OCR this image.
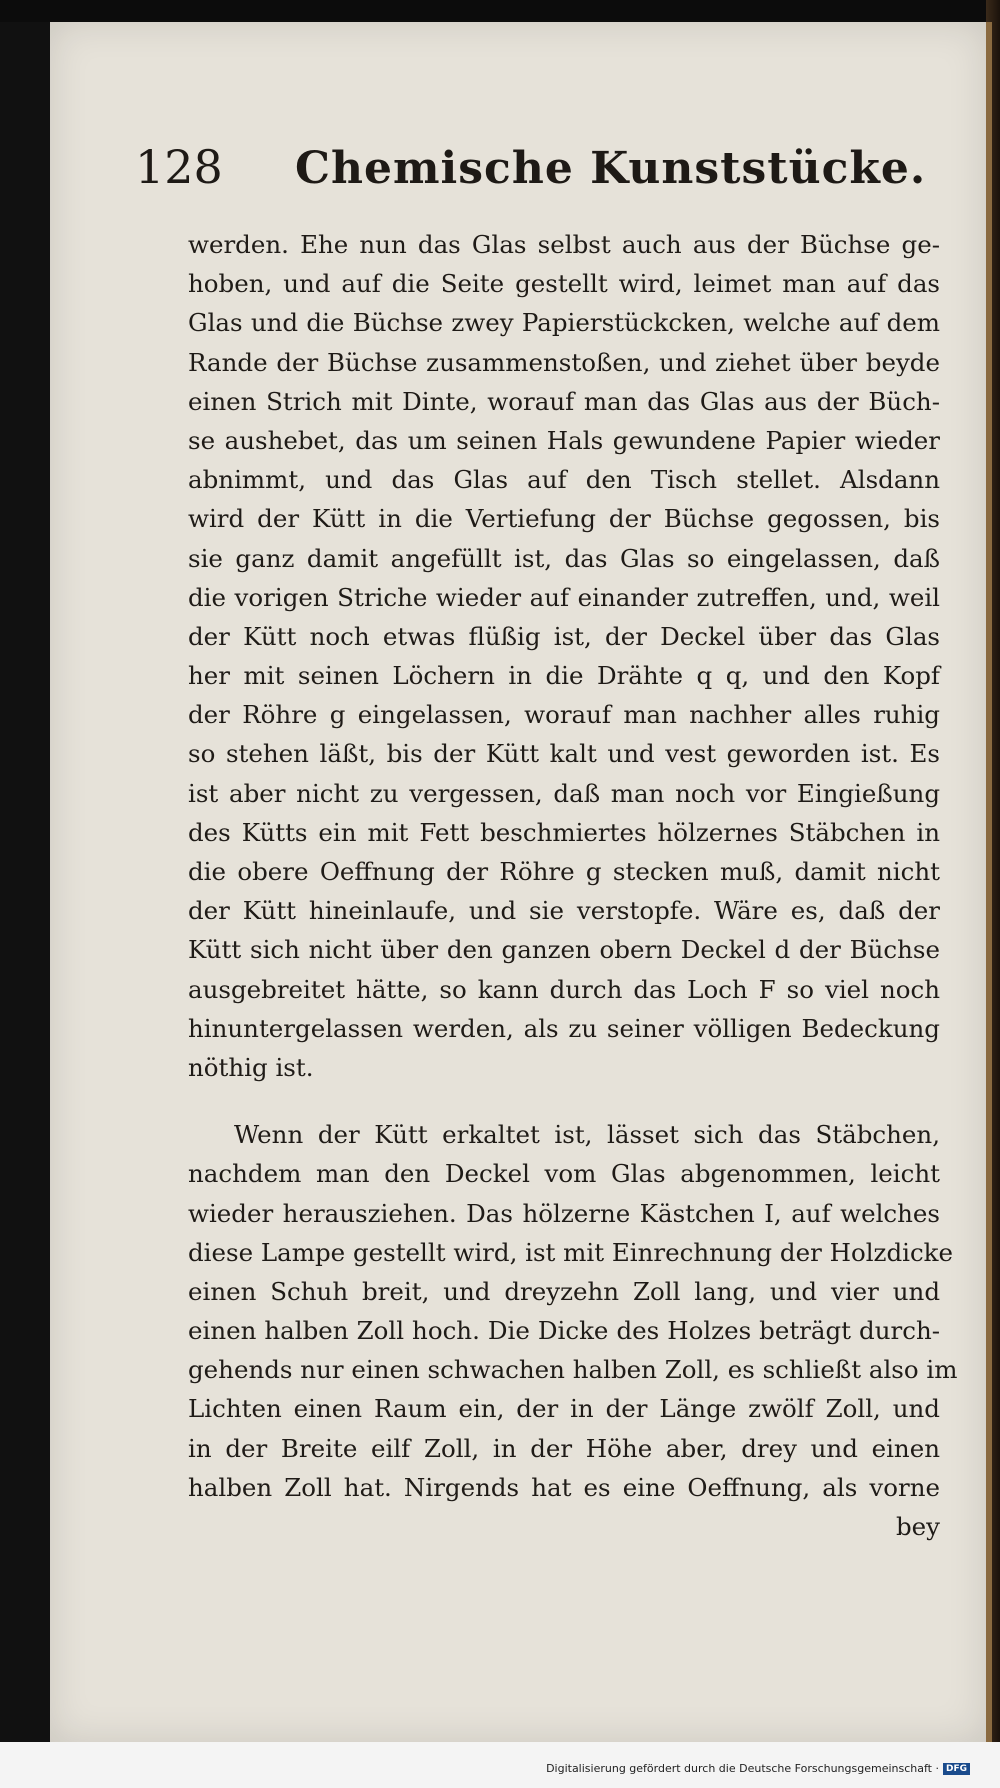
128	Chemische Kunststücke.
werden. Ehe nun das Glas selbst auch aus der Büchse ge-
hoben, und auf die Seite gestellt wird, leimet man auf das
Glas und die Büchse zwey Papierstückcken, welche auf dem
Rande der Büchse zusammenstoßen, und ziehet über beyde
einen Strich mit Dinte, worauf man das Glas aus der Büch-
se aushebet, das um seinen Hals gewundene Papier wieder
abnimmt, und das Glas auf den Tisch stellet. Alsdann
wird der Kütt in die Vertiefung der Büchse gegossen, bis
sie ganz damit angefüllt ist, das Glas so eingelassen, daß
die vorigen Striche wieder auf einander zutreffen, und, weil
der Kütt noch etwas flüßig ist, der Deckel über das Glas
her mit seinen Löchern in die Drähte q q, und den Kopf
der Röhre g eingelassen, worauf man nachher alles ruhig
so stehen läßt, bis der Kütt kalt und vest geworden ist. Es
ist aber nicht zu vergessen, daß man noch vor Eingießung
des Kütts ein mit Fett beschmiertes hölzernes Stäbchen in
die obere Oeffnung der Röhre g stecken muß, damit nicht
der Kütt hineinlaufe, und sie verstopfe. Wäre es, daß der
Kütt sich nicht über den ganzen obern Deckel d der Büchse
ausgebreitet hätte, so kann durch das Loch F so viel noch
hinuntergelassen werden, als zu seiner völligen Bedeckung
nöthig ist.
Wenn der Kütt erkaltet ist, lässet sich das Stäbchen,
nachdem man den Deckel vom Glas abgenommen, leicht
wieder herausziehen. Das hölzerne Kästchen I, auf welches
diese Lampe gestellt wird, ist mit Einrechnung der Holzdicke
einen Schuh breit, und dreyzehn Zoll lang, und vier und
einen halben Zoll hoch. Die Dicke des Holzes beträgt durch-
gehends nur einen schwachen halben Zoll, es schließt also im
Lichten einen Raum ein, der in der Länge zwölf Zoll, und
in der Breite eilf Zoll, in der Höhe aber, drey und einen
halben Zoll hat. Nirgends hat es eine Oeffnung, als vorne
bey
Digitalisierung gefördert durch die Deutsche Forschungsgemeinschaft · DFG
